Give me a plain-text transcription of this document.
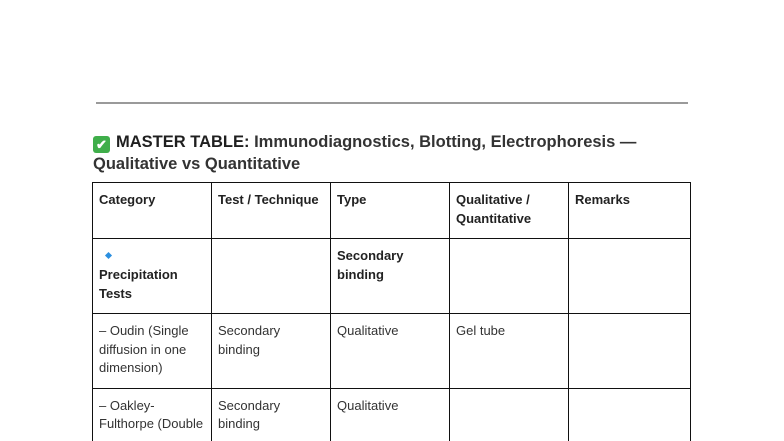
✔ MASTER TABLE: Immunodiagnostics, Blotting, Electrophoresis — Qualitative vs Quantitative
Category	Test / Technique	Type	Qualitative / Quantitative	Remarks

Precipitation Tests		Secondary binding		
– Oudin (Single diffusion in one dimension)	Secondary binding	Qualitative	Gel tube	
– Oakley-Fulthorpe (Double	Secondary binding	Qualitative		
